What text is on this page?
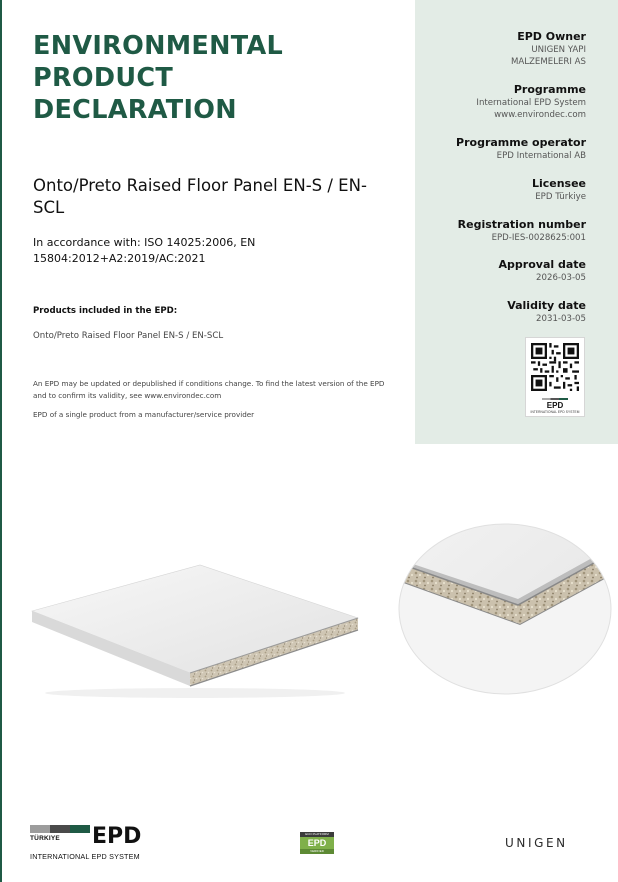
ENVIRONMENTAL
PRODUCT
DECLARATION
Onto/Preto Raised Floor Panel EN-S / EN-SCL
In accordance with: ISO 14025:2006, EN 15804:2012+A2:2019/AC:2021
Products included in the EPD:
Onto/Preto Raised Floor Panel EN-S / EN-SCL
An EPD may be updated or depublished if conditions change. To find the latest version of the EPD and to confirm its validity, see www.environdec.com
EPD of a single product from a manufacturer/service provider
EPD Owner
UNIGEN YAPI
MALZEMELERI AS
Programme
International EPD System
www.environdec.com
Programme operator
EPD International AB
Licensee
EPD Türkiye
Registration number
EPD-IES-0028625:001
Approval date
2026-03-05
Validity date
2031-03-05
EPD
INTERNATIONAL EPD SYSTEM
TÜRKIYE EPD
INTERNATIONAL EPD SYSTEM
ECO PLATFORM
EPD
VERIFIED
UNIGEN
